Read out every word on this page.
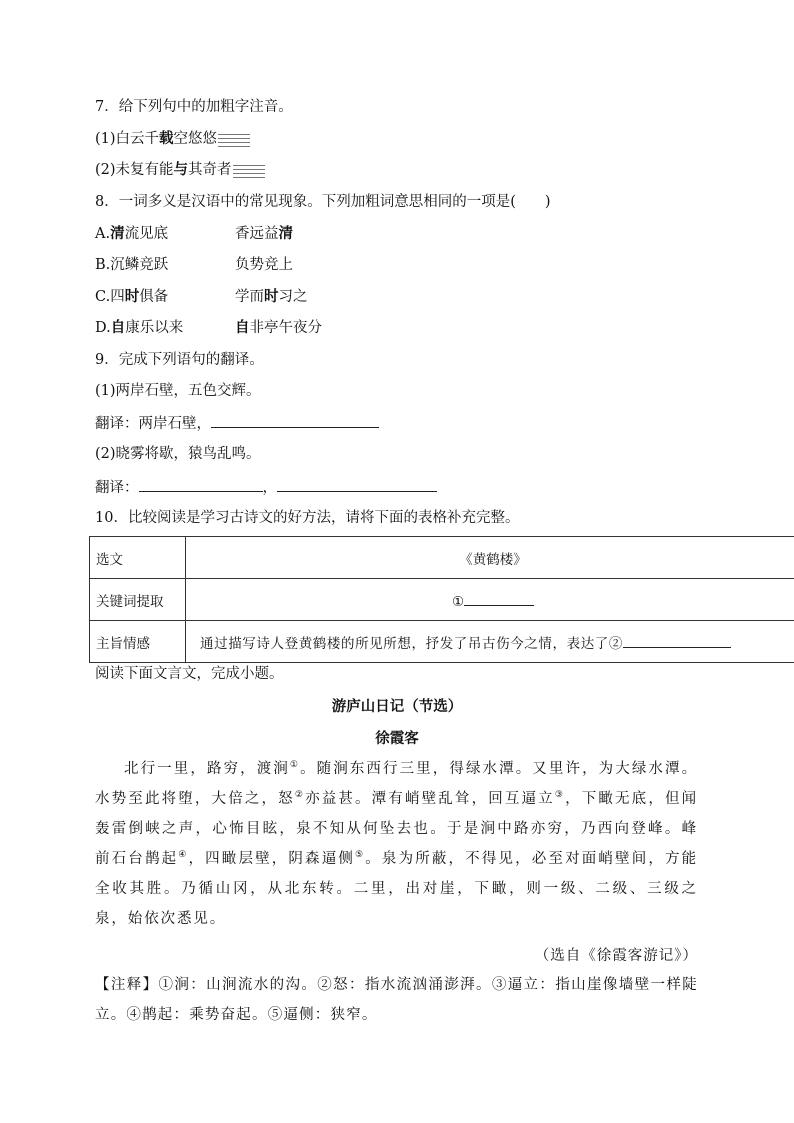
7．给下列句中的加粗字注音。
(1)白云千载空悠悠
(2)未复有能与其奇者
8．一词多义是汉语中的常见现象。下列加粗词意思相同的一项是(　　)
A.清流见底	香远益清
B.沉鳞竞跃	负势竞上
C.四时俱备	学而时习之
D.自康乐以来	自非亭午夜分
9．完成下列语句的翻译。
(1)两岸石壁，五色交辉。
翻译：两岸石壁，
(2)晓雾将歇，猿鸟乱鸣。
翻译：	，
10．比较阅读是学习古诗文的好方法，请将下面的表格补充完整。
选文	《黄鹤楼》
关键词提取	①
主旨情感	通过描写诗人登黄鹤楼的所见所想，抒发了吊古伤今之情，表达了②
阅读下面文言文，完成小题。
游庐山日记（节选）
徐霞客
北行一里，路穷，渡涧①。随涧东西行三里，得绿水潭。又里许，为大绿水潭。水势至此将堕，大倍之，怒②亦益甚。潭有峭壁乱耸，回互逼立③，下瞰无底，但闻轰雷倒峡之声，心怖目眩，泉不知从何坠去也。于是涧中路亦穷，乃西向登峰。峰前石台鹊起④，四瞰层壁，阴森逼侧⑤。泉为所蔽，不得见，必至对面峭壁间，方能全收其胜。乃循山冈，从北东转。二里，出对崖，下瞰，则一级、二级、三级之泉，始依次悉见。
（选自《徐霞客游记》）
【注释】①涧：山涧流水的沟。②怒：指水流汹涌澎湃。③逼立：指山崖像墙壁一样陡立。④鹊起：乘势奋起。⑤逼侧：狭窄。
